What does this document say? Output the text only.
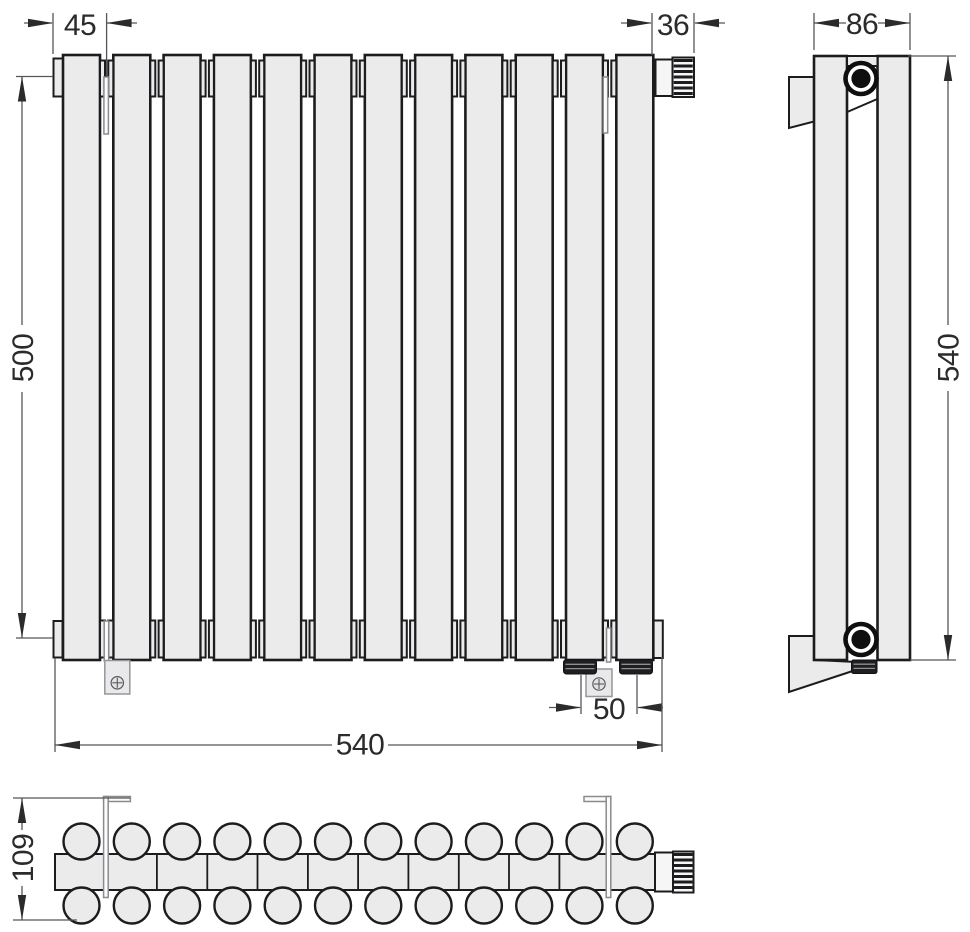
45	36	86
500	540
50
540
109
